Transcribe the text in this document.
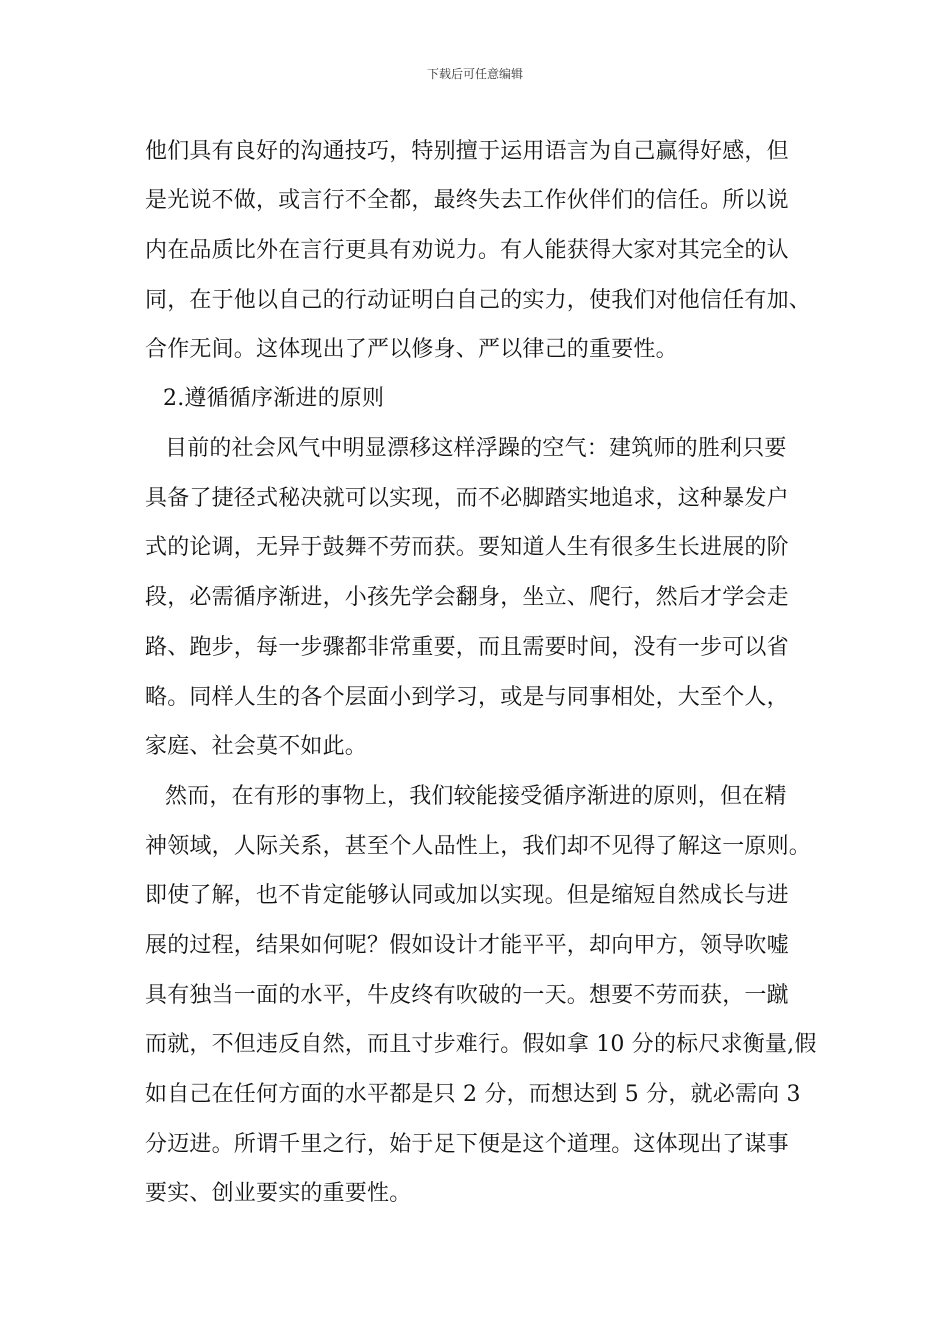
下载后可任意编辑
他们具有良好的沟通技巧，特别擅于运用语言为自己赢得好感，但
是光说不做，或言行不全都，最终失去工作伙伴们的信任。所以说
内在品质比外在言行更具有劝说力。有人能获得大家对其完全的认
同，在于他以自己的行动证明白自己的实力，使我们对他信任有加、
合作无间。这体现出了严以修身、严以律己的重要性。
2.遵循循序渐进的原则
目前的社会风气中明显漂移这样浮躁的空气：建筑师的胜利只要
具备了捷径式秘决就可以实现，而不必脚踏实地追求，这种暴发户
式的论调，无异于鼓舞不劳而获。要知道人生有很多生长进展的阶
段，必需循序渐进，小孩先学会翻身，坐立、爬行，然后才学会走
路、跑步，每一步骤都非常重要，而且需要时间，没有一步可以省
略。同样人生的各个层面小到学习，或是与同事相处，大至个人，
家庭、社会莫不如此。
然而，在有形的事物上，我们较能接受循序渐进的原则，但在精
神领域，人际关系，甚至个人品性上，我们却不见得了解这一原则。
即使了解，也不肯定能够认同或加以实现。但是缩短自然成长与进
展的过程，结果如何呢？假如设计才能平平，却向甲方，领导吹嘘
具有独当一面的水平，牛皮终有吹破的一天。想要不劳而获，一蹴
而就，不但违反自然，而且寸步难行。假如拿 10 分的标尺求衡量,假
如自己在任何方面的水平都是只 2 分，而想达到 5 分，就必需向 3
分迈进。所谓千里之行，始于足下便是这个道理。这体现出了谋事
要实、创业要实的重要性。
